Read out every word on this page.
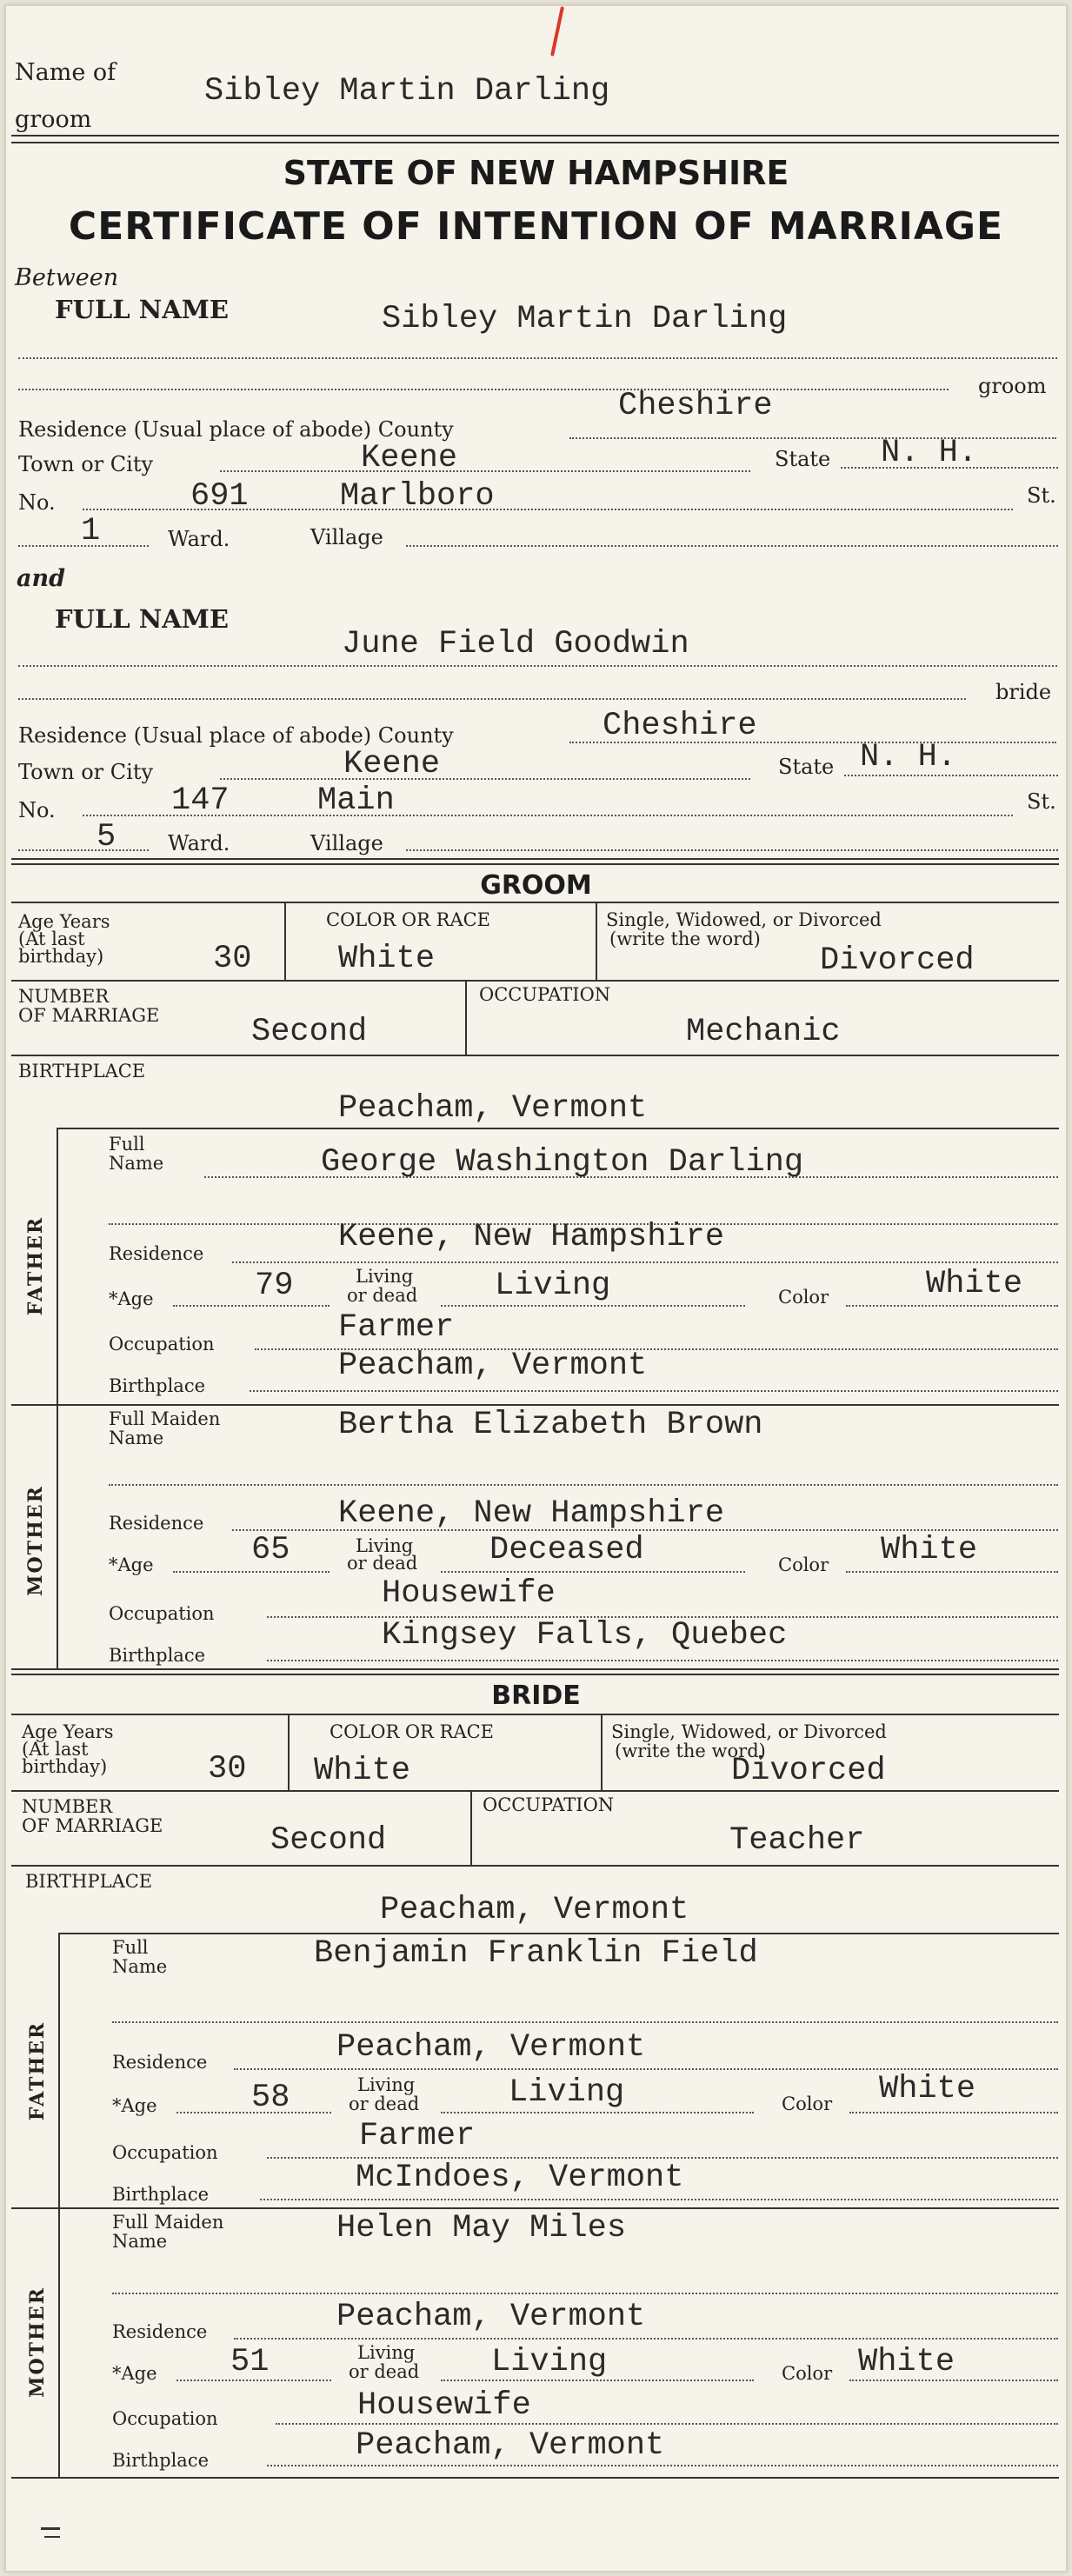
Name of
groom
Sibley Martin Darling
STATE OF NEW HAMPSHIRE
CERTIFICATE OF INTENTION OF MARRIAGE
Between
FULL NAME	Sibley Martin Darling
groom
Residence (Usual place of abode) County
Cheshire
Town or City	Keene	State N. H.
No.	691	Marlboro	St.
1	Ward.	Village
and
FULL NAME
June Field Goodwin
bride
Residence (Usual place of abode) County	Cheshire
Town or City	Keene	State N. H.
No.	147	Main	St.
5 Ward.	Village
GROOM
Age Years
(At last
birthday)	30
COLOR OR RACE
White
Single, Widowed, or Divorced
(write the word)
Divorced
NUMBER
OF MARRIAGE	Second
OCCUPATION
Mechanic
BIRTHPLACE
Peacham, Vermont
FATHER
Full
Name	George Washington Darling
Residence	Keene, New Hampshire
*Age	79	Living
or dead Living	Color	White
Occupation	Farmer
Birthplace
Peacham, Vermont
MOTHER
Full Maiden
Name	Bertha Elizabeth Brown
Residence	Keene, New Hampshire
*Age	65	Living
or dead Deceased	Color White
Occupation
Housewife
Birthplace
Kingsey Falls, Quebec
BRIDE
Age Years
(At last
birthday)	30
COLOR OR RACE
White
Single, Widowed, or Divorced
(write the word)
Divorced
NUMBER
OF MARRIAGE	Second
OCCUPATION
Teacher
BIRTHPLACE
Peacham, Vermont
FATHER
Full
Name	Benjamin Franklin Field
Residence	Peacham, Vermont
*Age	58	Living
or dead	Living	Color White
Occupation	Farmer
Birthplace	McIndoes, Vermont
MOTHER
Full Maiden
Name	Helen May Miles
Residence	Peacham, Vermont
*Age 51	Living
or dead Living	Color White
Occupation	Housewife
Birthplace	Peacham, Vermont
